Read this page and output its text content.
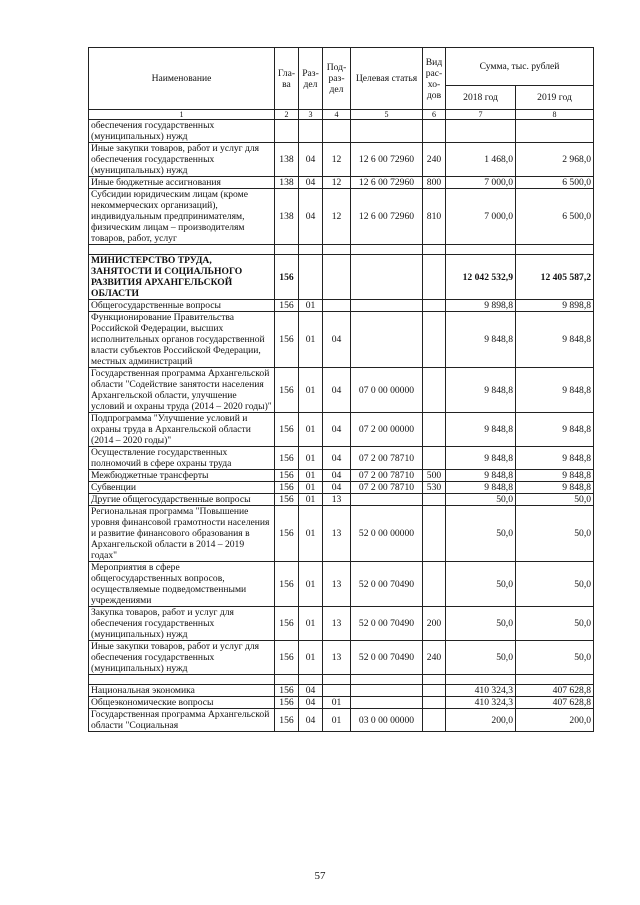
Наименование	Гла-ва	Раз-дел	Под-раз-дел	Целевая статья	Вид рас-хо-дов	Сумма, тыс. рублей	
						2018 год	2019 год
1	2	3	4	5	6	7	8
обеспечения государственных (муниципальных) нужд							
Иные закупки товаров, работ и услуг для обеспечения государственных (муниципальных) нужд	138	04	12	12 6 00 72960	240	1 468,0	2 968,0
Иные бюджетные ассигнования	138	04	12	12 6 00 72960	800	7 000,0	6 500,0
Субсидии юридическим лицам (кроме некоммерческих организаций), индивидуальным предпринимателям, физическим лицам – производителям товаров, работ, услуг	138	04	12	12 6 00 72960	810	7 000,0	6 500,0

МИНИСТЕРСТВО ТРУДА, ЗАНЯТОСТИ И СОЦИАЛЬНОГО РАЗВИТИЯ АРХАНГЕЛЬСКОЙ ОБЛАСТИ	156					12 042 532,9	12 405 587,2
Общегосударственные вопросы	156	01				9 898,8	9 898,8
Функционирование Правительства Российской Федерации, высших исполнительных органов государственной власти субъектов Российской Федерации, местных администраций	156	01	04			9 848,8	9 848,8
Государственная программа Архангельской области "Содействие занятости населения Архангельской области, улучшение условий и охраны труда (2014 – 2020 годы)"	156	01	04	07 0 00 00000		9 848,8	9 848,8
Подпрограмма "Улучшение условий и охраны труда в Архангельской области (2014 – 2020 годы)"	156	01	04	07 2 00 00000		9 848,8	9 848,8
Осуществление государственных полномочий в сфере охраны труда	156	01	04	07 2 00 78710		9 848,8	9 848,8
Межбюджетные трансферты	156	01	04	07 2 00 78710	500	9 848,8	9 848,8
Субвенции	156	01	04	07 2 00 78710	530	9 848,8	9 848,8
Другие общегосударственные вопросы	156	01	13			50,0	50,0
Региональная программа "Повышение уровня финансовой грамотности населения и развитие финансового образования в Архангельской области в 2014 – 2019 годах"	156	01	13	52 0 00 00000		50,0	50,0
Мероприятия в сфере общегосударственных вопросов, осуществляемые подведомственными учреждениями	156	01	13	52 0 00 70490		50,0	50,0
Закупка товаров, работ и услуг для обеспечения государственных (муниципальных) нужд	156	01	13	52 0 00 70490	200	50,0	50,0
Иные закупки товаров, работ и услуг для обеспечения государственных (муниципальных) нужд	156	01	13	52 0 00 70490	240	50,0	50,0

Национальная экономика	156	04				410 324,3	407 628,8
Общеэкономические вопросы	156	04	01			410 324,3	407 628,8
Государственная программа Архангельской области "Социальная	156	04	01	03 0 00 00000		200,0	200,0
57
